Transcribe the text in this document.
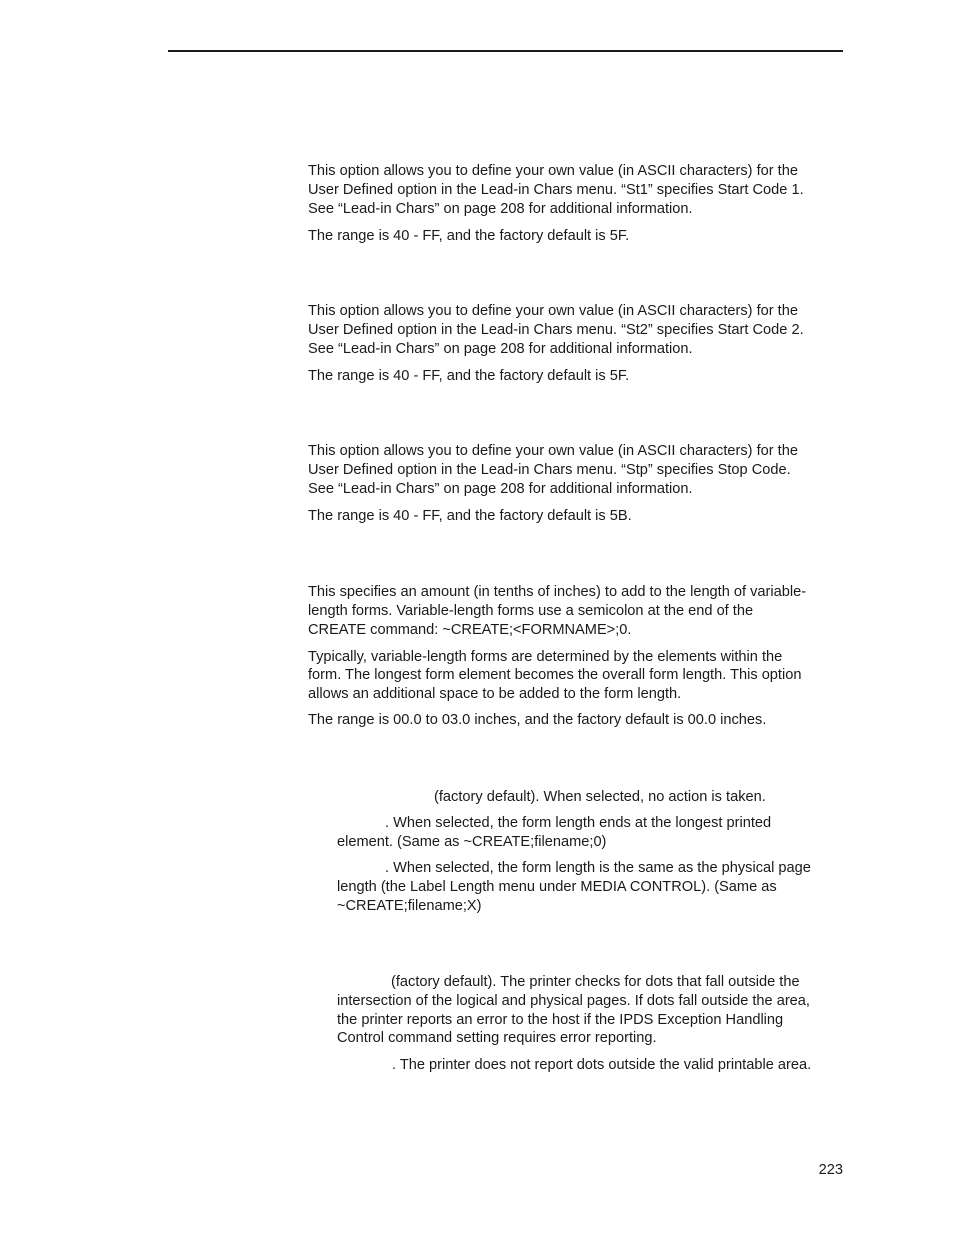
This option allows you to define your own value (in ASCII characters) for the

User Defined option in the Lead-in Chars menu. “St1” specifies Start Code 1.

See “Lead-in Chars” on page 208 for additional information.

The range is 40 - FF, and the factory default is 5F.

This option allows you to define your own value (in ASCII characters) for the

User Defined option in the Lead-in Chars menu. “St2” specifies Start Code 2.

See “Lead-in Chars” on page 208 for additional information.

The range is 40 - FF, and the factory default is 5F.

This option allows you to define your own value (in ASCII characters) for the

User Defined option in the Lead-in Chars menu. “Stp” specifies Stop Code.

See “Lead-in Chars” on page 208 for additional information.

The range is 40 - FF, and the factory default is 5B.

This specifies an amount (in tenths of inches) to add to the length of variable-

length forms. Variable-length forms use a semicolon at the end of the

CREATE command: ~CREATE;<FORMNAME>;0.

Typically, variable-length forms are determined by the elements within the

form. The longest form element becomes the overall form length. This option

allows an additional space to be added to the form length.

The range is 00.0 to 03.0 inches, and the factory default is 00.0 inches.

(factory default). When selected, no action is taken.

. When selected, the form length ends at the longest printed

element. (Same as ~CREATE;filename;0)

. When selected, the form length is the same as the physical page

length (the Label Length menu under MEDIA CONTROL). (Same as

~CREATE;filename;X)

(factory default). The printer checks for dots that fall outside the

intersection of the logical and physical pages. If dots fall outside the area,

the printer reports an error to the host if the IPDS Exception Handling

Control command setting requires error reporting.

. The printer does not report dots outside the valid printable area.

223
